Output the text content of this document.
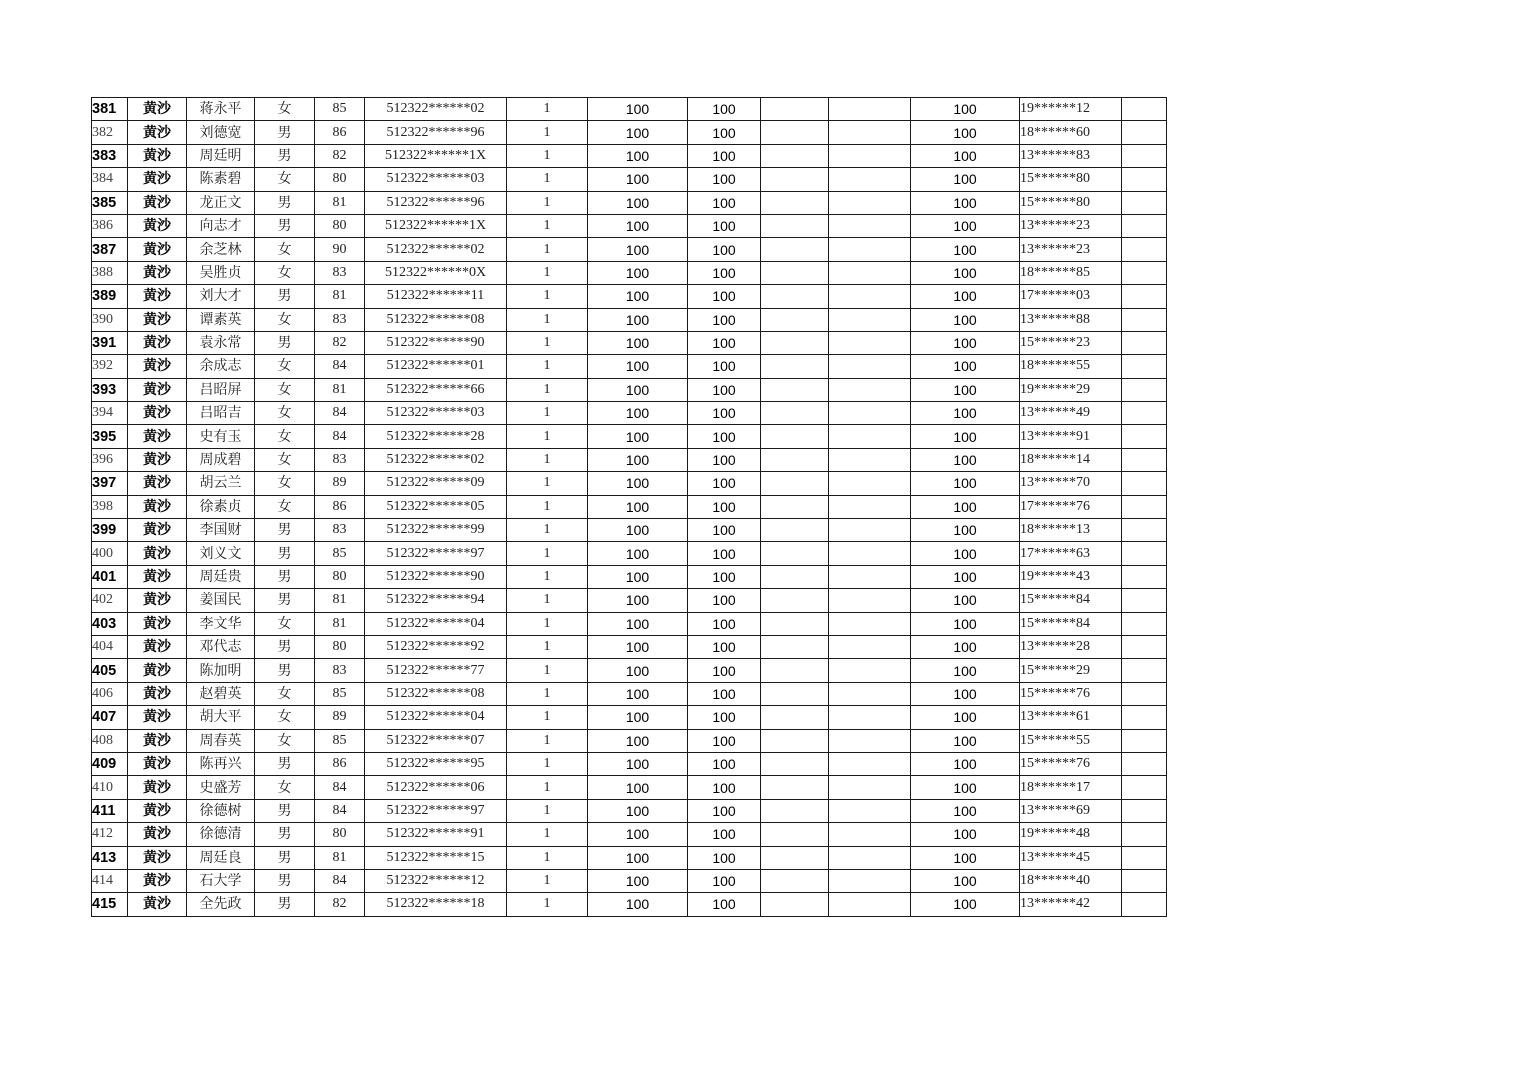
381	黄沙	蒋永平	女	85	512322******02	1	100	100			100	19******12	
382	黄沙	刘德宽	男	86	512322******96	1	100	100			100	18******60	
383	黄沙	周廷明	男	82	512322******1X	1	100	100			100	13******83	
384	黄沙	陈素碧	女	80	512322******03	1	100	100			100	15******80	
385	黄沙	龙正文	男	81	512322******96	1	100	100			100	15******80	
386	黄沙	向志才	男	80	512322******1X	1	100	100			100	13******23	
387	黄沙	余芝林	女	90	512322******02	1	100	100			100	13******23	
388	黄沙	吴胜贞	女	83	512322******0X	1	100	100			100	18******85	
389	黄沙	刘大才	男	81	512322******11	1	100	100			100	17******03	
390	黄沙	谭素英	女	83	512322******08	1	100	100			100	13******88	
391	黄沙	袁永常	男	82	512322******90	1	100	100			100	15******23	
392	黄沙	余成志	女	84	512322******01	1	100	100			100	18******55	
393	黄沙	吕昭屏	女	81	512322******66	1	100	100			100	19******29	
394	黄沙	吕昭吉	女	84	512322******03	1	100	100			100	13******49	
395	黄沙	史有玉	女	84	512322******28	1	100	100			100	13******91	
396	黄沙	周成碧	女	83	512322******02	1	100	100			100	18******14	
397	黄沙	胡云兰	女	89	512322******09	1	100	100			100	13******70	
398	黄沙	徐素贞	女	86	512322******05	1	100	100			100	17******76	
399	黄沙	李国财	男	83	512322******99	1	100	100			100	18******13	
400	黄沙	刘义文	男	85	512322******97	1	100	100			100	17******63	
401	黄沙	周廷贵	男	80	512322******90	1	100	100			100	19******43	
402	黄沙	姜国民	男	81	512322******94	1	100	100			100	15******84	
403	黄沙	李文华	女	81	512322******04	1	100	100			100	15******84	
404	黄沙	邓代志	男	80	512322******92	1	100	100			100	13******28	
405	黄沙	陈加明	男	83	512322******77	1	100	100			100	15******29	
406	黄沙	赵碧英	女	85	512322******08	1	100	100			100	15******76	
407	黄沙	胡大平	女	89	512322******04	1	100	100			100	13******61	
408	黄沙	周春英	女	85	512322******07	1	100	100			100	15******55	
409	黄沙	陈再兴	男	86	512322******95	1	100	100			100	15******76	
410	黄沙	史盛芳	女	84	512322******06	1	100	100			100	18******17	
411	黄沙	徐德树	男	84	512322******97	1	100	100			100	13******69	
412	黄沙	徐德清	男	80	512322******91	1	100	100			100	19******48	
413	黄沙	周廷良	男	81	512322******15	1	100	100			100	13******45	
414	黄沙	石大学	男	84	512322******12	1	100	100			100	18******40	
415	黄沙	全先政	男	82	512322******18	1	100	100			100	13******42	
